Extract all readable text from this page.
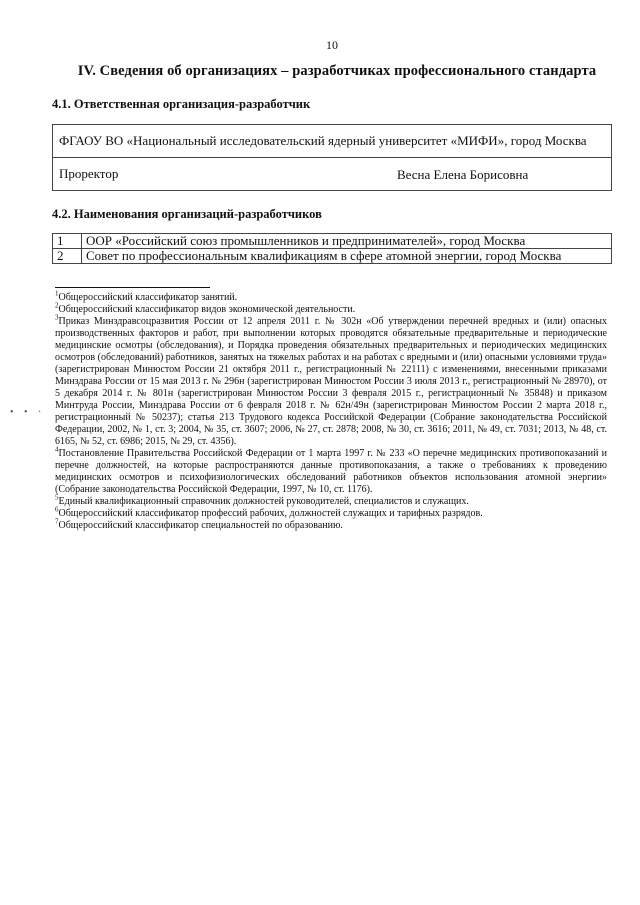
10
IV. Сведения об организациях – разработчиках профессионального стандарта
4.1. Ответственная организация-разработчик
ФГАОУ ВО «Национальный исследовательский ядерный университет «МИФИ», город Москва
Проректор	Весна Елена Борисовна
4.2. Наименования организаций-разработчиков
1	ООР «Российский союз промышленников и предпринимателей», город Москва
2	Совет по профессиональным квалификациям в сфере атомной энергии, город Москва
• • ·

$^1$Общероссийский классификатор занятий.

$^2$Общероссийский классификатор видов экономической деятельности.

$^3$Приказ Минздравсоцразвития России от 12 апреля 2011 г. № 302н «Об утверждении перечней вредных и (или) опасных производственных факторов и работ, при выполнении которых проводятся обязательные предварительные и периодические медицинские осмотры (обследования), и Порядка проведения обязательных предварительных и периодических медицинских осмотров (обследований) работников, занятых на тяжелых работах и на работах с вредными и (или) опасными условиями труда» (зарегистрирован Минюстом России 21 октября 2011 г., регистрационный № 22111) с изменениями, внесенными приказами Минздрава России от 15 мая 2013 г. № 296н (зарегистрирован Минюстом России 3 июля 2013 г., регистрационный № 28970), от 5 декабря 2014 г. № 801н (зарегистрирован Минюстом России 3 февраля 2015 г., регистрационный № 35848) и приказом Минтруда России, Минздрава России от 6 февраля 2018 г. № 62н/49н (зарегистрирован Минюстом России 2 марта 2018 г., регистрационный № 50237); статья 213 Трудового кодекса Российской Федерации (Собрание законодательства Российской Федерации, 2002, № 1, ст. 3; 2004, № 35, ст. 3607; 2006, № 27, ст. 2878; 2008, № 30, ст. 3616; 2011, № 49, ст. 7031; 2013, № 48, ст. 6165, № 52, ст. 6986; 2015, № 29, ст. 4356).

$^4$Постановление Правительства Российской Федерации от 1 марта 1997 г. № 233 «О перечне медицинских противопоказаний и перечне должностей, на которые распространяются данные противопоказания, а также о требованиях к проведению медицинских осмотров и психофизиологических обследований работников объектов использования атомной энергии» (Собрание законодательства Российской Федерации, 1997, № 10, ст. 1176).

$^5$Единый квалификационный справочник должностей руководителей, специалистов и служащих.

$^6$Общероссийский классификатор профессий рабочих, должностей служащих и тарифных разрядов.

$^7$Общероссийский классификатор специальностей по образованию.
